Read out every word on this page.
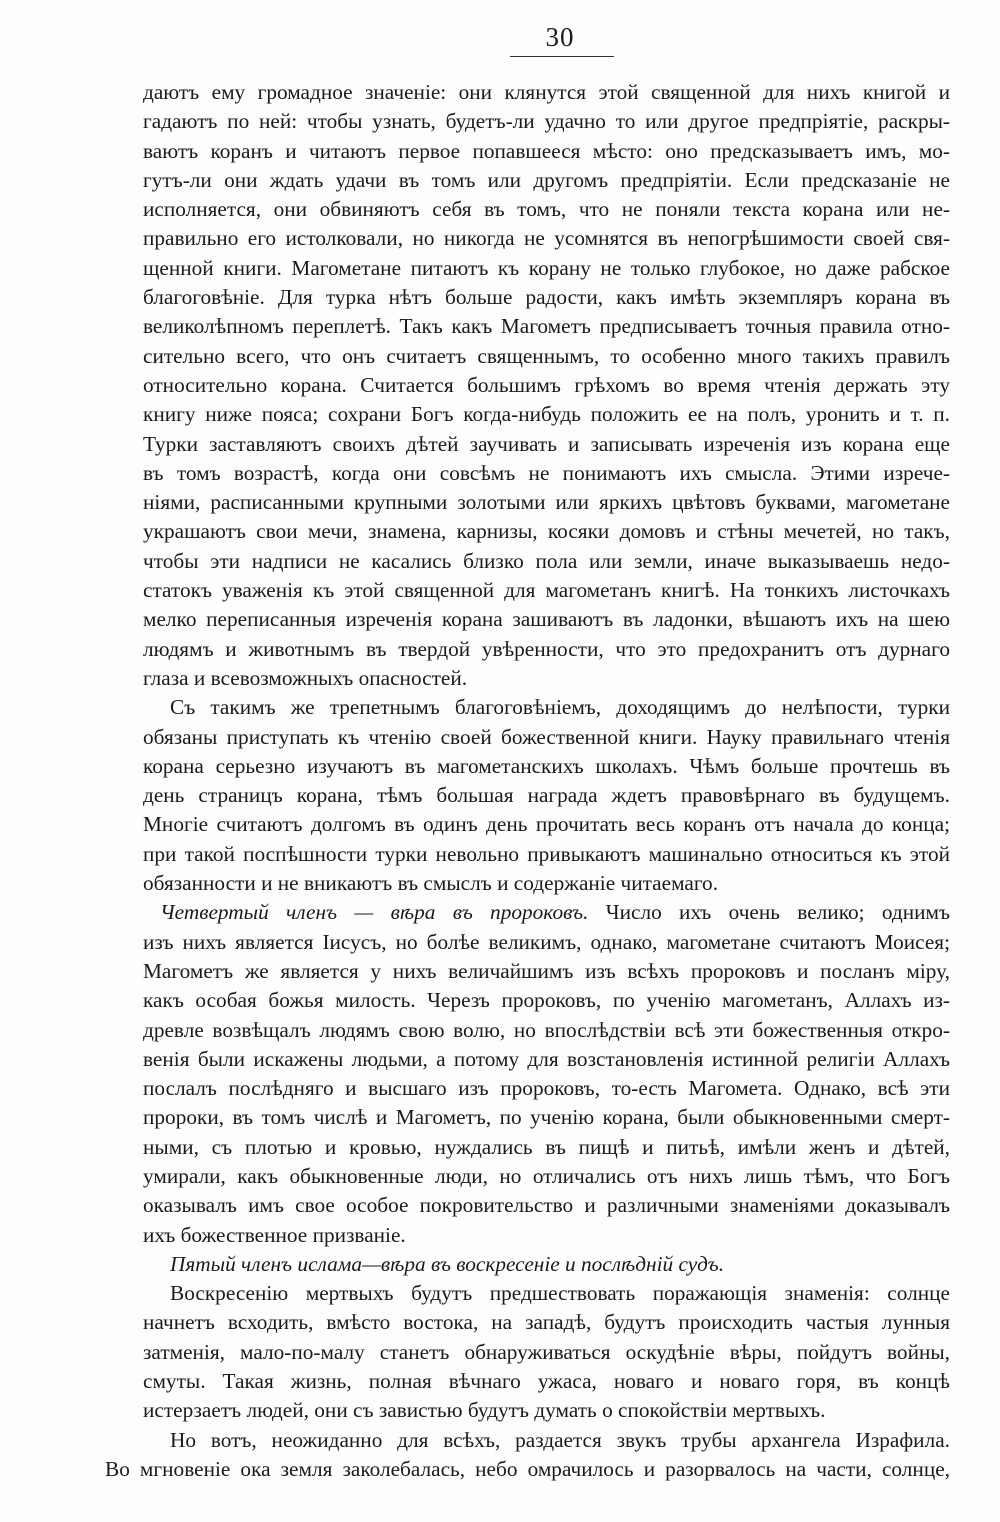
30
даютъ ему громадное значеніе: они клянутся этой священной для нихъ книгой и
гадаютъ по ней: чтобы узнать, будетъ-ли удачно то или другое предпріятіе, раскры-
ваютъ коранъ и читаютъ первое попавшееся мѣсто: оно предсказываетъ имъ, мо-
гутъ-ли они ждать удачи въ томъ или другомъ предпріятіи. Если предсказаніе не
исполняется, они обвиняютъ себя въ томъ, что не поняли текста корана или не-
правильно его истолковали, но никогда не усомнятся въ непогрѣшимости своей свя-
щенной книги. Магометане питаютъ къ корану не только глубокое, но даже рабское
благоговѣніе. Для турка нѣтъ больше радости, какъ имѣть экземпляръ корана въ
великолѣпномъ переплетѣ. Такъ какъ Магометъ предписываетъ точныя правила отно-
сительно всего, что онъ считаетъ священнымъ, то особенно много такихъ правилъ
относительно корана. Считается большимъ грѣхомъ во время чтенія держать эту
книгу ниже пояса; сохрани Богъ когда-нибудь положить ее на полъ, уронить и т. п.
Турки заставляютъ своихъ дѣтей заучивать и записывать изреченія изъ корана еще
въ томъ возрастѣ, когда они совсѣмъ не понимаютъ ихъ смысла. Этими изрече-
ніями, расписанными крупными золотыми или яркихъ цвѣтовъ буквами, магометане
украшаютъ свои мечи, знамена, карнизы, косяки домовъ и стѣны мечетей, но такъ,
чтобы эти надписи не касались близко пола или земли, иначе выказываешь недо-
статокъ уваженія къ этой священной для магометанъ книгѣ. На тонкихъ листочкахъ
мелко переписанныя изреченія корана зашиваютъ въ ладонки, вѣшаютъ ихъ на шею
людямъ и животнымъ въ твердой увѣренности, что это предохранитъ отъ дурнаго
глаза и всевозможныхъ опасностей.
Съ такимъ же трепетнымъ благоговѣніемъ, доходящимъ до нелѣпости, турки
обязаны приступать къ чтенію своей божественной книги. Науку правильнаго чтенія
корана серьезно изучаютъ въ магометанскихъ школахъ. Чѣмъ больше прочтешь въ
день страницъ корана, тѣмъ большая награда ждетъ правовѣрнаго въ будущемъ.
Многіе считаютъ долгомъ въ одинъ день прочитать весь коранъ отъ начала до конца;
при такой поспѣшности турки невольно привыкаютъ машинально относиться къ этой
обязанности и не вникаютъ въ смыслъ и содержаніе читаемаго.
Четвертый членъ — вѣра въ пророковъ. Число ихъ очень велико; однимъ
изъ нихъ является Іисусъ, но болѣе великимъ, однако, магометане считаютъ Моисея;
Магометъ же является у нихъ величайшимъ изъ всѣхъ пророковъ и посланъ міру,
какъ особая божья милость. Черезъ пророковъ, по ученію магометанъ, Аллахъ из-
древле возвѣщалъ людямъ свою волю, но впослѣдствіи всѣ эти божественныя откро-
венія были искажены людьми, а потому для возстановленія истинной религіи Аллахъ
послалъ послѣдняго и высшаго изъ пророковъ, то-есть Магомета. Однако, всѣ эти
пророки, въ томъ числѣ и Магометъ, по ученію корана, были обыкновенными смерт-
ными, съ плотью и кровью, нуждались въ пищѣ и питьѣ, имѣли женъ и дѣтей,
умирали, какъ обыкновенные люди, но отличались отъ нихъ лишь тѣмъ, что Богъ
оказывалъ имъ свое особое покровительство и различными знаменіями доказывалъ
ихъ божественное призваніе.
Пятый членъ ислама—вѣра въ воскресеніе и послѣдній судъ.
Воскресенію мертвыхъ будутъ предшествовать поражающія знаменія: солнце
начнетъ всходить, вмѣсто востока, на западѣ, будутъ происходить частыя лунныя
затменія, мало-по-малу станетъ обнаруживаться оскудѣніе вѣры, пойдутъ войны,
смуты. Такая жизнь, полная вѣчнаго ужаса, новаго и новаго горя, въ концѣ
истерзаетъ людей, они съ завистью будутъ думать о спокойствіи мертвыхъ.
Но вотъ, неожиданно для всѣхъ, раздается звукъ трубы архангела Израфила.
Во мгновеніе ока земля заколебалась, небо омрачилось и разорвалось на части, солнце,
